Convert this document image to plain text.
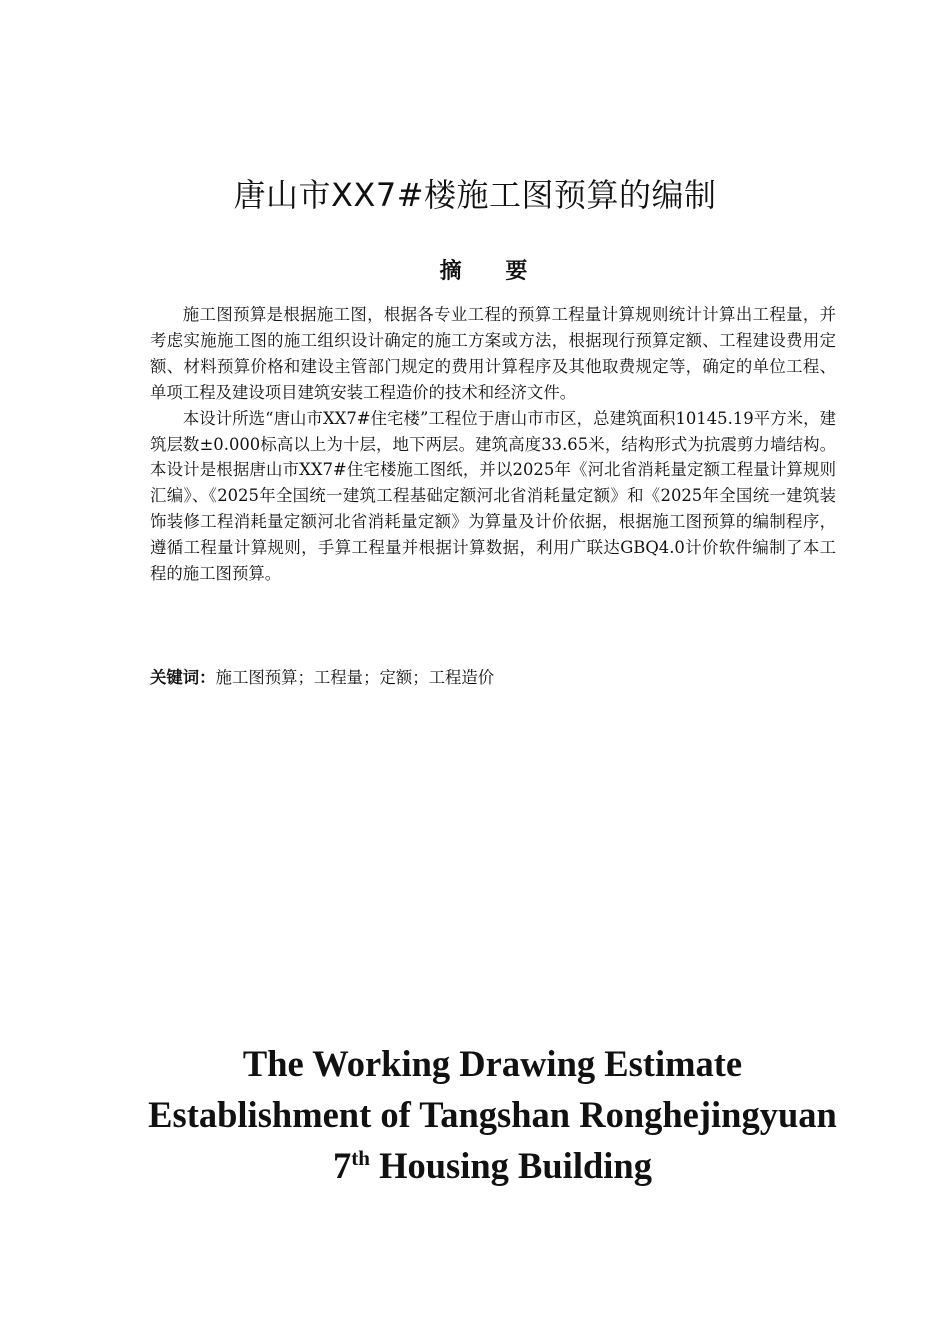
唐山市XX7#楼施工图预算的编制
摘 要

施工图预算是根据施工图，根据各专业工程的预算工程量计算规则统计计算出工程量，并考虑实施施工图的施工组织设计确定的施工方案或方法，根据现行预算定额、工程建设费用定额、材料预算价格和建设主管部门规定的费用计算程序及其他取费规定等，确定的单位工程、单项工程及建设项目建筑安装工程造价的技术和经济文件。

本设计所选“唐山市XX7#住宅楼”工程位于唐山市市区，总建筑面积10145.19平方米，建筑层数±0.000标高以上为十层，地下两层。建筑高度33.65米，结构形式为抗震剪力墙结构。本设计是根据唐山市XX7#住宅楼施工图纸，并以2025年《河北省消耗量定额工程量计算规则汇编》、《2025年全国统一建筑工程基础定额河北省消耗量定额》和《2025年全国统一建筑装饰装修工程消耗量定额河北省消耗量定额》为算量及计价依据，根据施工图预算的编制程序，遵循工程量计算规则，手算工程量并根据计算数据，利用广联达GBQ4.0计价软件编制了本工程的施工图预算。

关键词：施工图预算；工程量；定额；工程造价
The Working Drawing Estimate
Establishment of Tangshan Ronghejingyuan
7th Housing Building
